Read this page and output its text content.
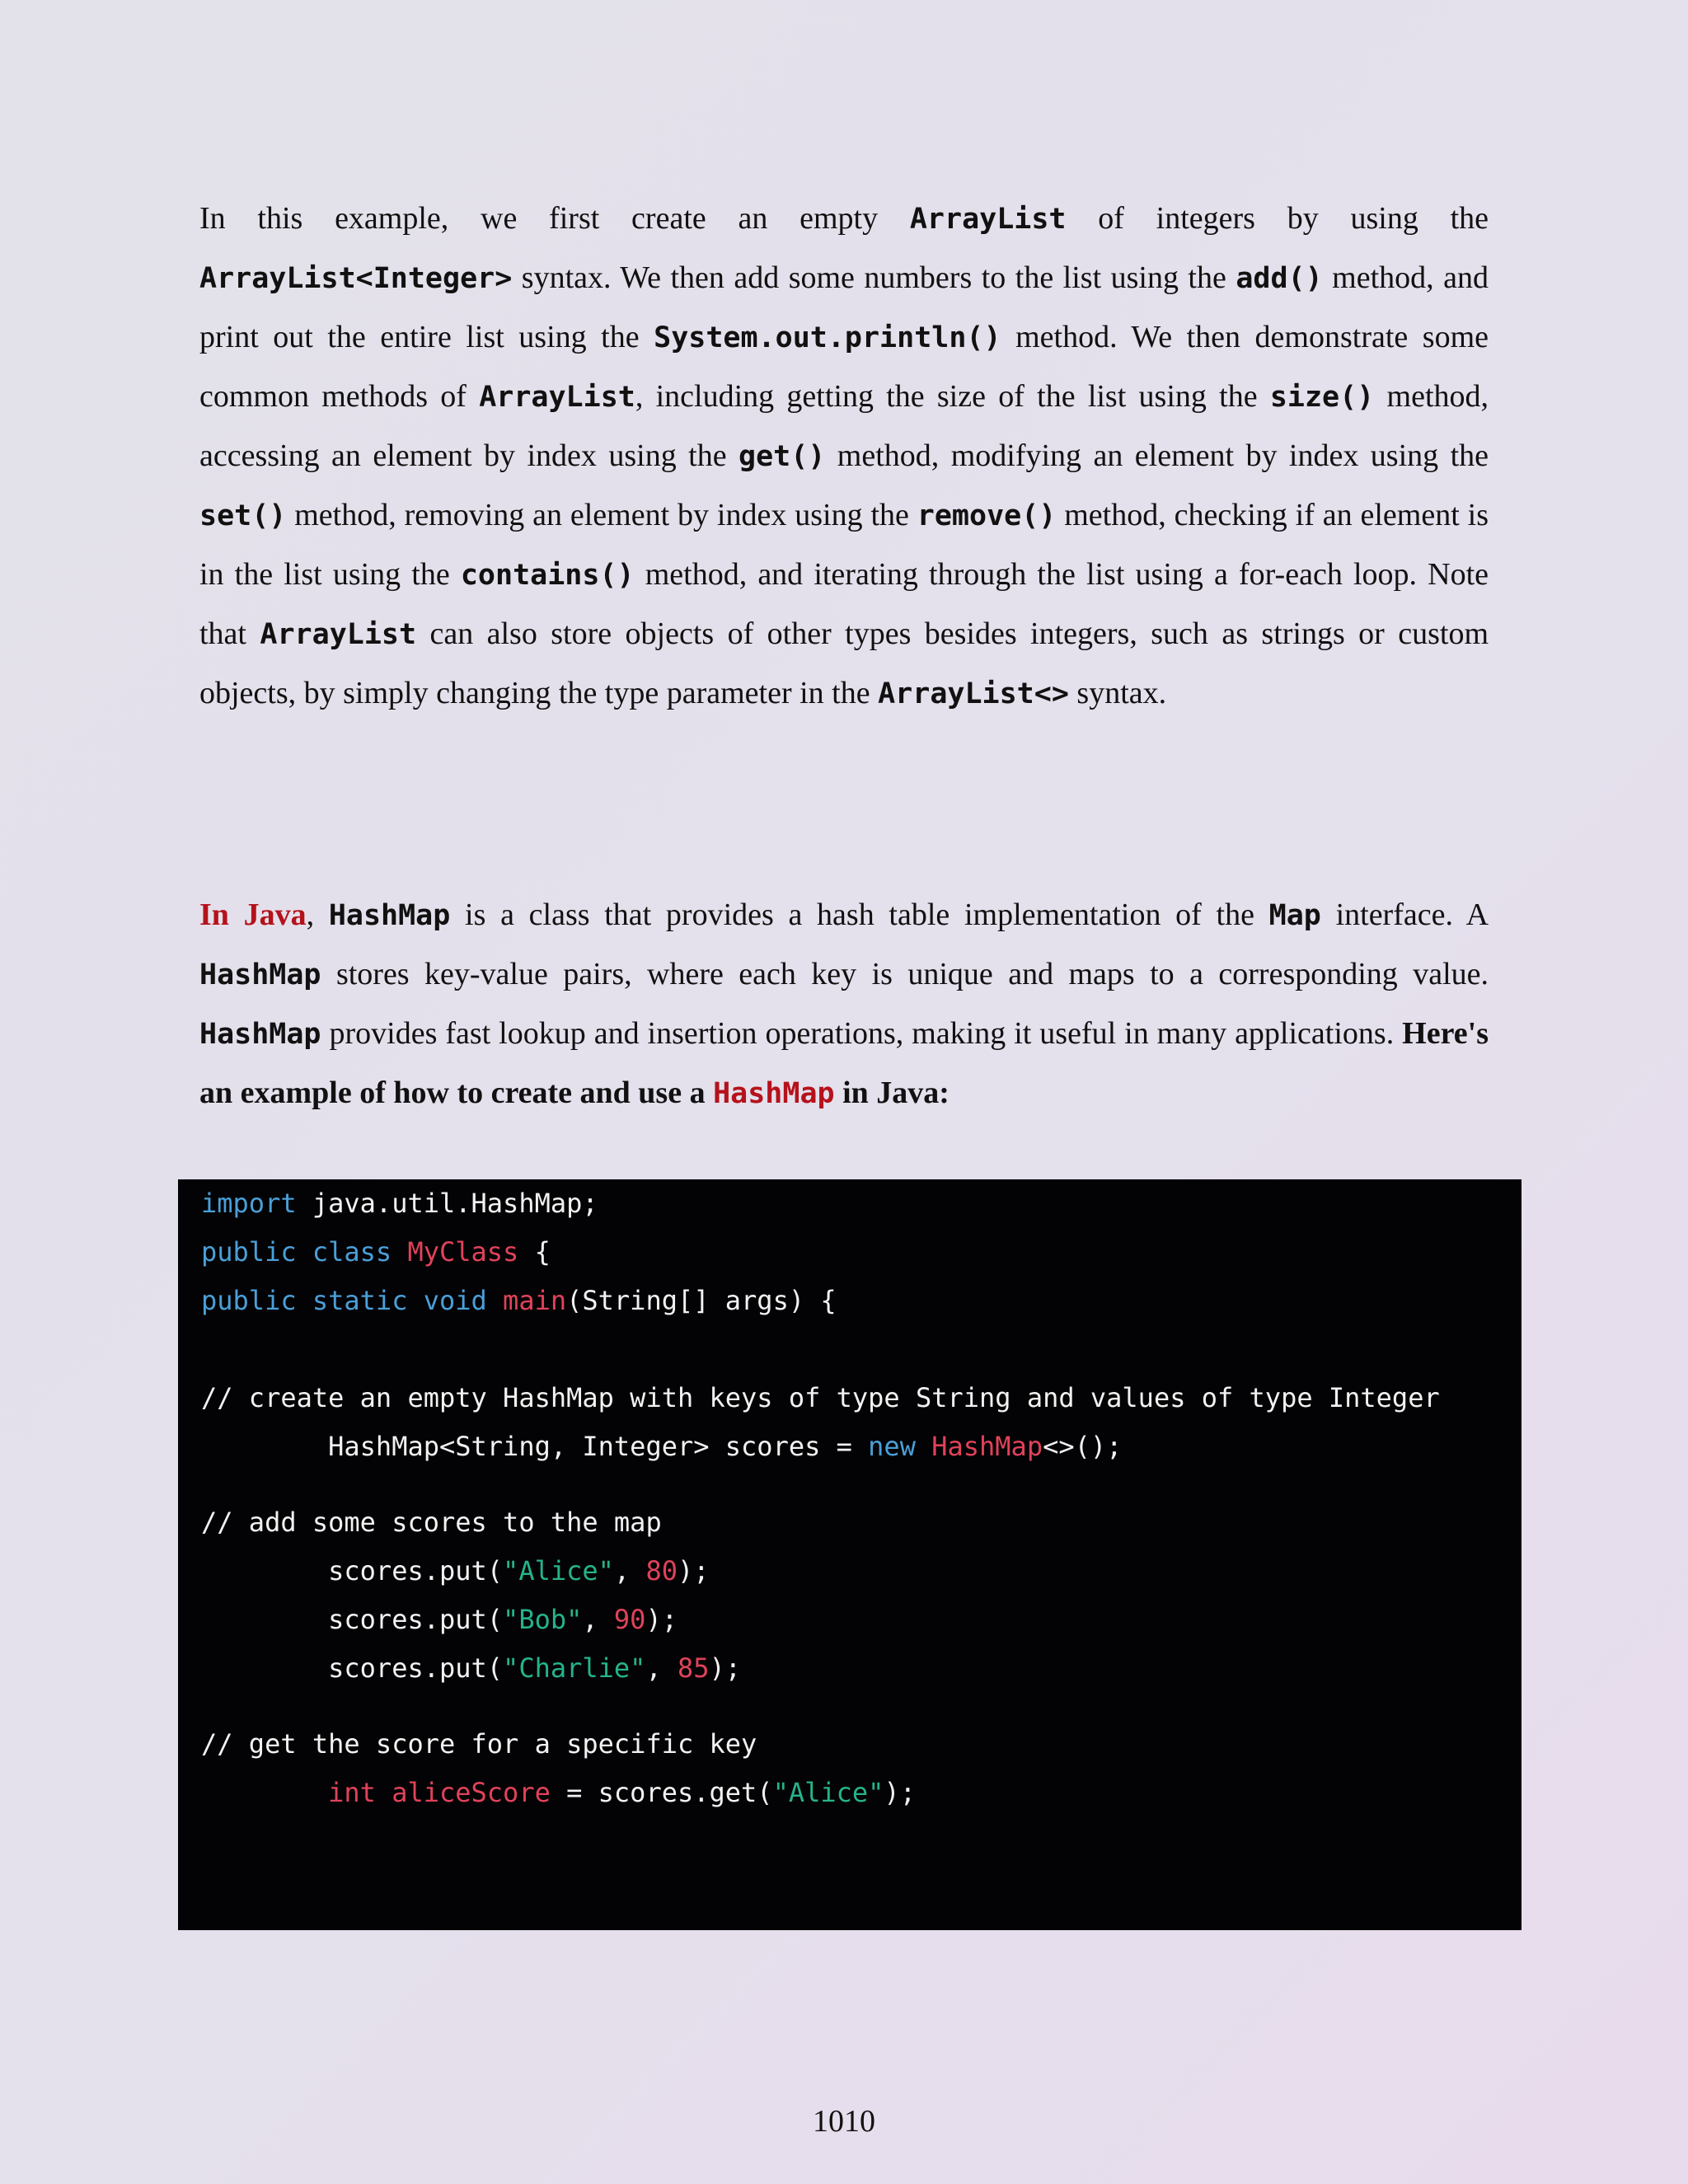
In this example, we first create an empty ArrayList of integers by using the ArrayList<Integer> syntax. We then add some numbers to the list using the add() method, and print out the entire list using the System.out.println() method. We then demonstrate some common methods of ArrayList, including getting the size of the list using the size() method, accessing an element by index using the get() method, modifying an element by index using the set() method, removing an element by index using the remove() method, checking if an element is in the list using the contains() method, and iterating through the list using a for-each loop. Note that ArrayList can also store objects of other types besides integers, such as strings or custom objects, by simply changing the type parameter in the ArrayList<> syntax.

In Java, HashMap is a class that provides a hash table implementation of the Map interface. A HashMap stores key-value pairs, where each key is unique and maps to a corresponding value. HashMap provides fast lookup and insertion operations, making it useful in many applications. Here's an example of how to create and use a HashMap in Java:

import java.util.HashMap;
public class MyClass {
public static void main(String[] args) {
// create an empty HashMap with keys of type String and values of type Integer
HashMap<String, Integer> scores = new HashMap<>();
// add some scores to the map
scores.put("Alice", 80);
scores.put("Bob", 90);
scores.put("Charlie", 85);
// get the score for a specific key
int aliceScore = scores.get("Alice");
1010
